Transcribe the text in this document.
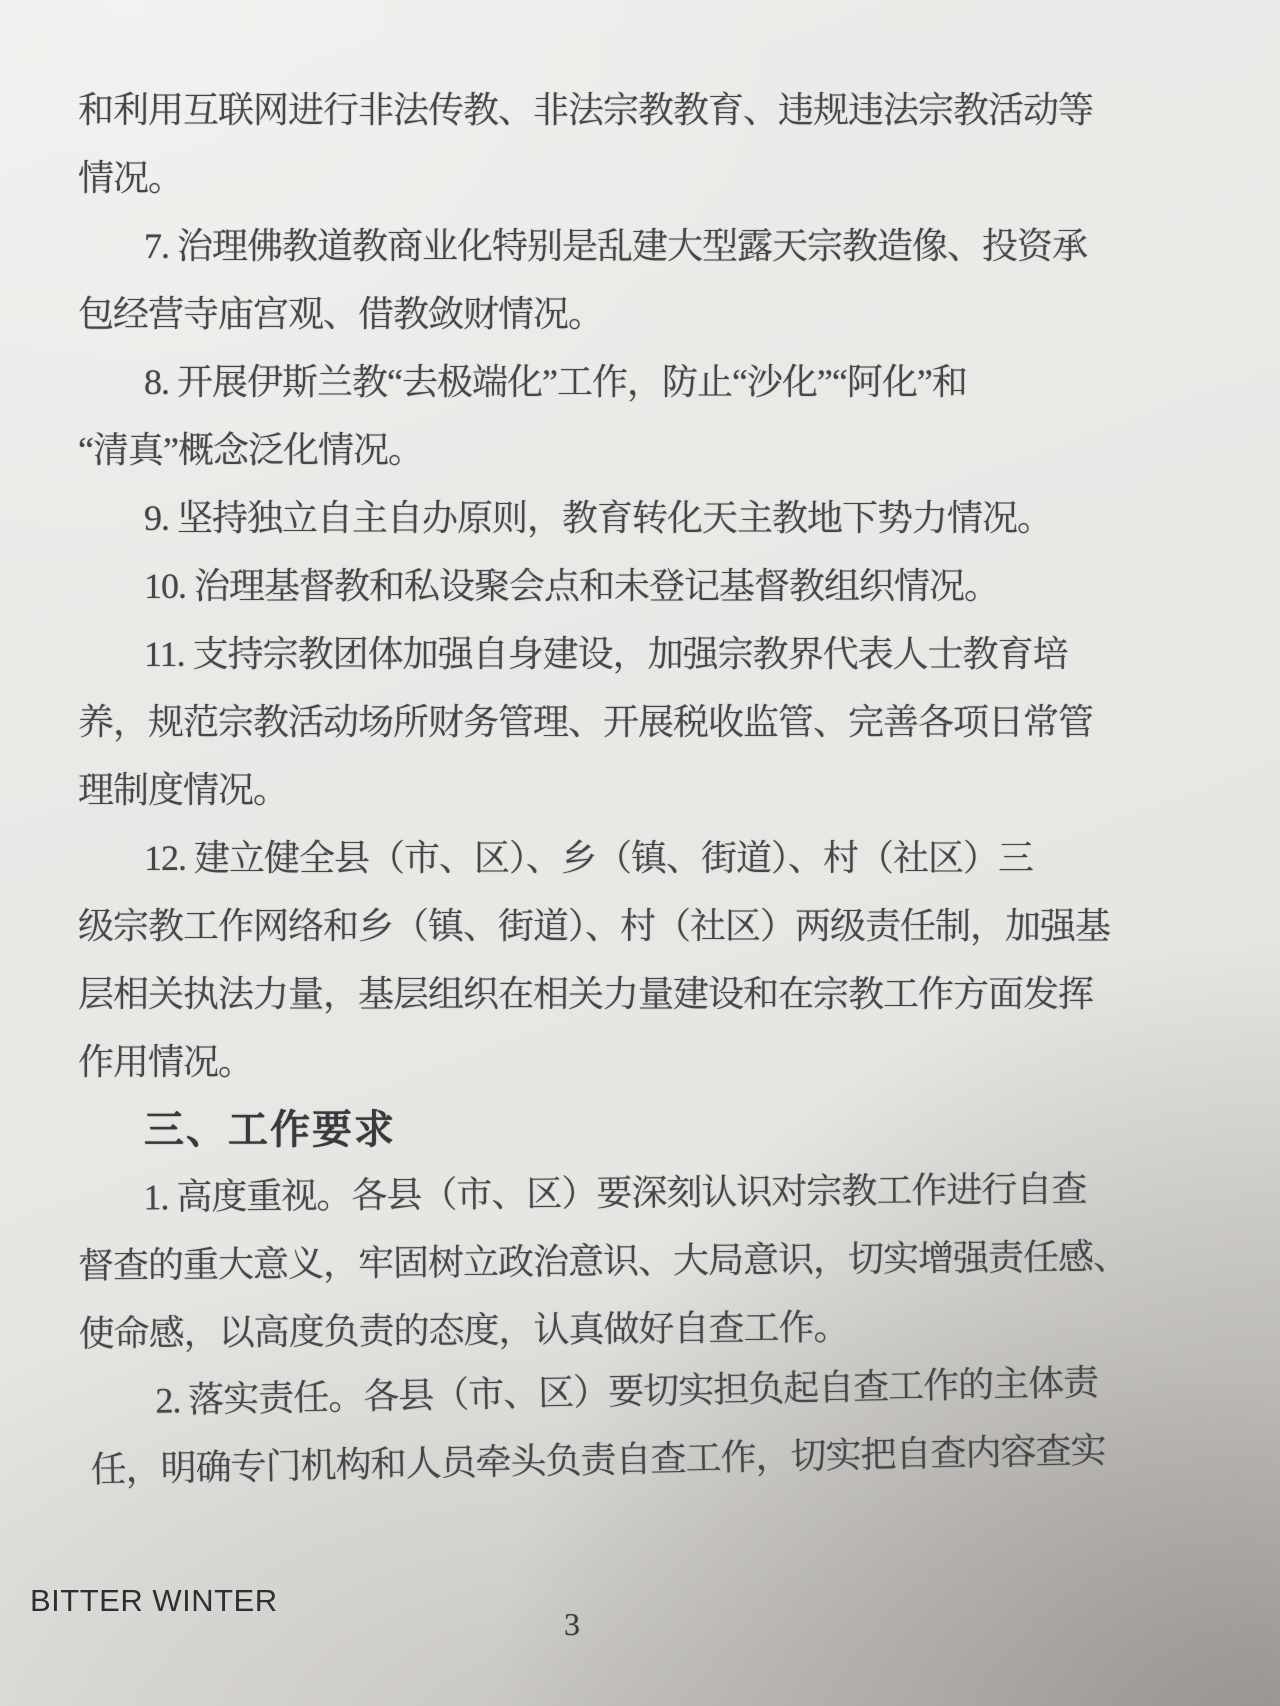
和利用互联网进行非法传教、非法宗教教育、违规违法宗教活动等
情况。
7. 治理佛教道教商业化特别是乱建大型露天宗教造像、投资承
包经营寺庙宫观、借教敛财情况。
8. 开展伊斯兰教“去极端化”工作，防止“沙化”“阿化”和
“清真”概念泛化情况。
9. 坚持独立自主自办原则，教育转化天主教地下势力情况。
10. 治理基督教和私设聚会点和未登记基督教组织情况。
11. 支持宗教团体加强自身建设，加强宗教界代表人士教育培
养，规范宗教活动场所财务管理、开展税收监管、完善各项日常管
理制度情况。
12. 建立健全县（市、区）、乡（镇、街道）、村（社区）三
级宗教工作网络和乡（镇、街道）、村（社区）两级责任制，加强基
层相关执法力量，基层组织在相关力量建设和在宗教工作方面发挥
作用情况。
三、工作要求
1. 高度重视。各县（市、区）要深刻认识对宗教工作进行自查
督查的重大意义，牢固树立政治意识、大局意识，切实增强责任感、
使命感，以高度负责的态度，认真做好自查工作。
2. 落实责任。各县（市、区）要切实担负起自查工作的主体责
任，明确专门机构和人员牵头负责自查工作，切实把自查内容查实
BITTER WINTER
3
